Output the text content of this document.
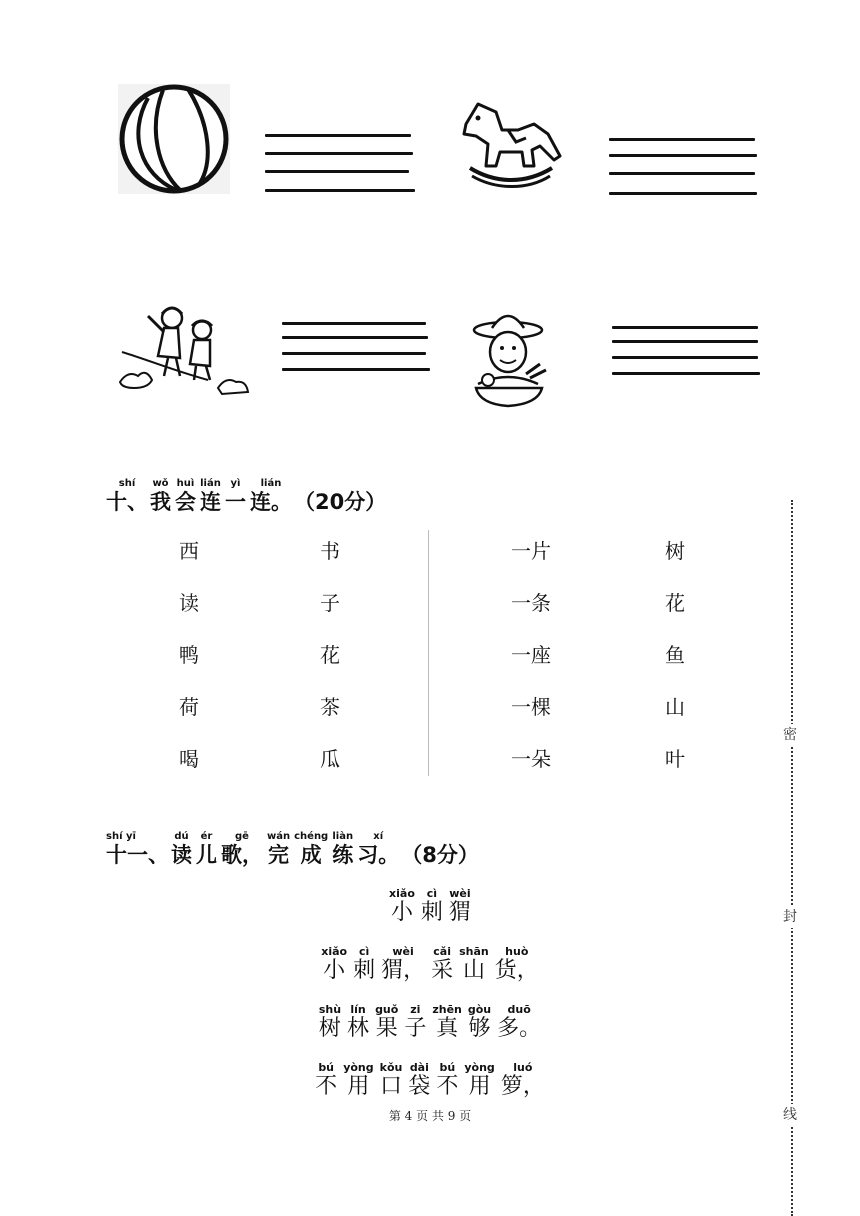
shí
十、
wǒ
我
huì
会
lián
连
yì
一
lián
连。 （20分）
西
读
鸭
荷
喝
书
子
花
茶
瓜
一片
一条
一座
一棵
一朵
树
花
鱼
山
叶
shí yī
十一、
dú
读
ér
儿
gē
歌，
wán
完
chéng
成
liàn
练
xí
习。 （8分）
xiǎo
小
cì
刺
wèi
猬
xiǎo
小
cì
刺
wèi
猬，
cǎi
采
shān
山
huò
货，
shù
树
lín
林
guǒ
果
zi
子
zhēn
真
gòu
够
duō
多。
bú
不
yòng
用
kǒu
口
dài
袋
bú
不
yòng
用
luó
箩，
第 4 页 共 9 页
密
封
线
